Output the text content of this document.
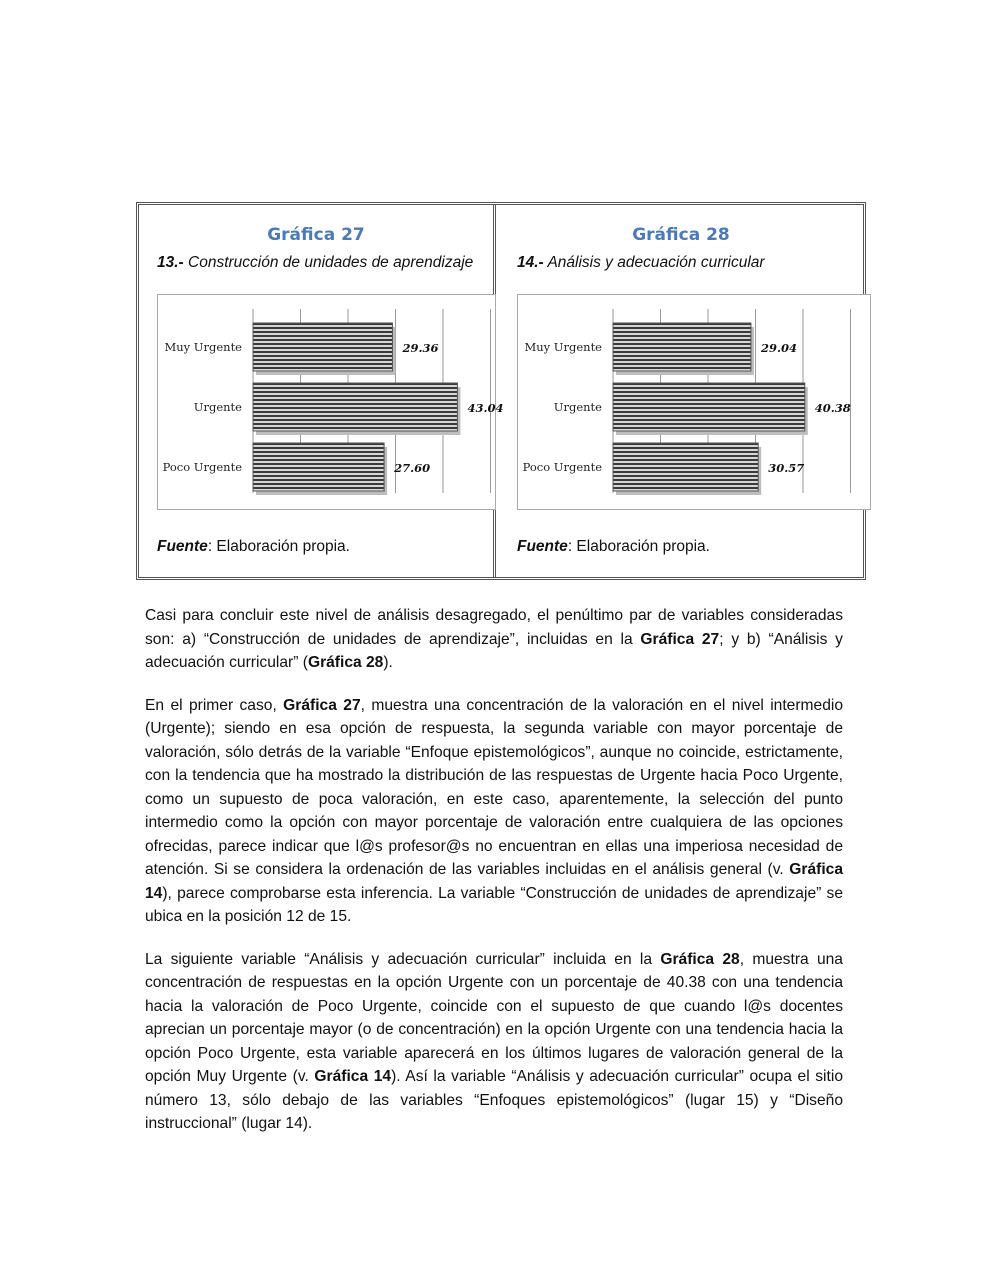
Gráfica 27
13.- Construcción de unidades de aprendizaje
Muy Urgente	29.36
Urgente	43.04
Poco Urgente	27.60
Fuente: Elaboración propia.
Gráfica 28
14.- Análisis y adecuación curricular
Muy Urgente	29.04
Urgente	40.38
Poco Urgente	30.57
Fuente: Elaboración propia.

Casi para concluir este nivel de análisis desagregado, el penúltimo par de variables consideradas son: a) “Construcción de unidades de aprendizaje”, incluidas en la Gráfica 27; y b) “Análisis y adecuación curricular” (Gráfica 28).

En el primer caso, Gráfica 27, muestra una concentración de la valoración en el nivel intermedio (Urgente); siendo en esa opción de respuesta, la segunda variable con mayor porcentaje de valoración, sólo detrás de la variable “Enfoque epistemológicos”, aunque no coincide, estrictamente, con la tendencia que ha mostrado la distribución de las respuestas de Urgente hacia Poco Urgente, como un supuesto de poca valoración, en este caso, aparentemente, la selección del punto intermedio como la opción con mayor porcentaje de valoración entre cualquiera de las opciones ofrecidas, parece indicar que l@s profesor@s no encuentran en ellas una imperiosa necesidad de atención. Si se considera la ordenación de las variables incluidas en el análisis general (v. Gráfica 14), parece comprobarse esta inferencia. La variable “Construcción de unidades de aprendizaje” se ubica en la posición 12 de 15.

La siguiente variable “Análisis y adecuación curricular” incluida en la Gráfica 28, muestra una concentración de respuestas en la opción Urgente con un porcentaje de 40.38 con una tendencia hacia la valoración de Poco Urgente, coincide con el supuesto de que cuando l@s docentes aprecian un porcentaje mayor (o de concentración) en la opción Urgente con una tendencia hacia la opción Poco Urgente, esta variable aparecerá en los últimos lugares de valoración general de la opción Muy Urgente (v. Gráfica 14). Así la variable “Análisis y adecuación curricular” ocupa el sitio número 13, sólo debajo de las variables “Enfoques epistemológicos” (lugar 15) y “Diseño instruccional” (lugar 14).
